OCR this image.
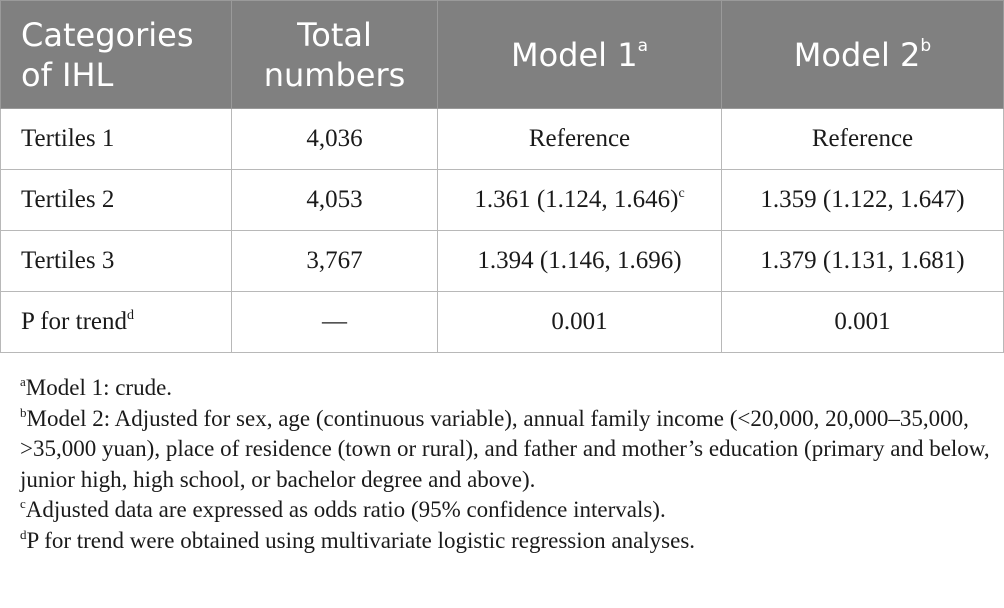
Categories of IHL	Total numbers	Model 1$^a$	Model 2$^b$
Tertiles 1	4,036	Reference	Reference
Tertiles 2	4,053	1.361 (1.124, 1.646)$^c$	1.359 (1.122, 1.647)
Tertiles 3	3,767	1.394 (1.146, 1.696)	1.379 (1.131, 1.681)
P for trend$^d$	—	0.001	0.001

$^a$Model 1: crude.

$^b$Model 2: Adjusted for sex, age (continuous variable), annual family income (<20,000, 20,000–35,000, >35,000 yuan), place of residence (town or rural), and father and mother’s education (primary and below, junior high, high school, or bachelor degree and above).

$^c$Adjusted data are expressed as odds ratio (95% confidence intervals).

$^d$P for trend were obtained using multivariate logistic regression analyses.
